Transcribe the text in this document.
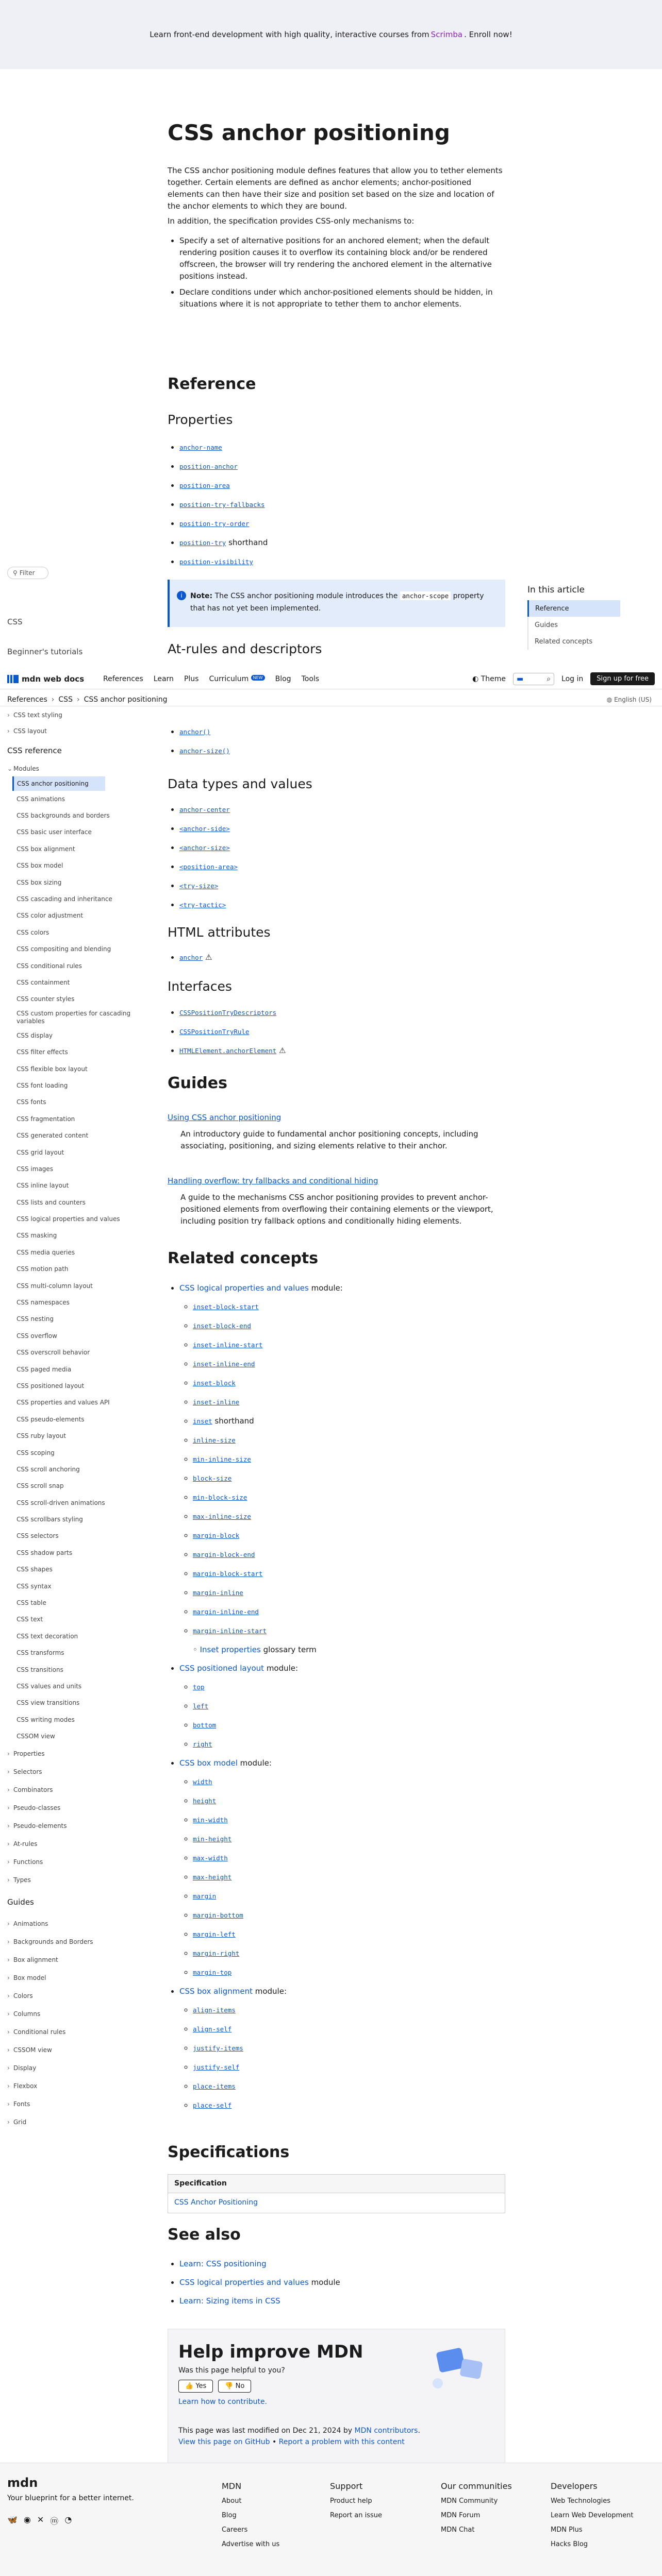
Learn front-end development with high quality, interactive courses from Scrimba . Enroll now!
CSS anchor positioning

The CSS anchor positioning module defines features that allow you to tether elements together. Certain elements are defined as anchor elements; anchor-positioned elements can then have their size and position set based on the size and location of the anchor elements to which they are bound.

In addition, the specification provides CSS-only mechanisms to:

• Specify a set of alternative positions for an anchored element; when the default rendering position causes it to overflow its containing block and/or be rendered offscreen, the browser will try rendering the anchored element in the alternative positions instead.
• Declare conditions under which anchor-positioned elements should be hidden, in situations where it is not appropriate to tether them to anchor elements.
Reference
Properties
• anchor-name
• position-anchor
• position-area
• position-try-fallbacks
• position-try-order
• position-try shorthand
• position-visibility
i	Note: The CSS anchor positioning module introduces the anchor-scope property that has not yet been implemented.
In this article
Reference
Guides
Related concepts
At-rules and descriptors
mdn web docs	References Learn Plus Curriculum NEW Blog Tools	◐ Theme ▬	⌕ Log in	Sign up for free
References › CSS › CSS anchor positioning	◍ English (US)
⚲ Filter
CSS
Beginner's tutorials
› CSS text styling
› CSS layout
CSS reference
⌄ Modules
CSS anchor positioning
CSS animations
CSS backgrounds and borders
CSS basic user interface
CSS box alignment
CSS box model
CSS box sizing
CSS cascading and inheritance
CSS color adjustment
CSS colors
CSS compositing and blending
CSS conditional rules
CSS containment
CSS counter styles
CSS custom properties for cascading variables
CSS display
CSS filter effects
CSS flexible box layout
CSS font loading
CSS fonts
CSS fragmentation
CSS generated content
CSS grid layout
CSS images
CSS inline layout
CSS lists and counters
CSS logical properties and values
CSS masking
CSS media queries
CSS motion path
CSS multi-column layout
CSS namespaces
CSS nesting
CSS overflow
CSS overscroll behavior
CSS paged media
CSS positioned layout
CSS properties and values API
CSS pseudo-elements
CSS ruby layout
CSS scoping
CSS scroll anchoring
CSS scroll snap
CSS scroll-driven animations
CSS scrollbars styling
CSS selectors
CSS shadow parts
CSS shapes
CSS syntax
CSS table
CSS text
CSS text decoration
CSS transforms
CSS transitions
CSS values and units
CSS view transitions
CSS writing modes
CSSOM view
› Properties
› Selectors
› Combinators
› Pseudo-classes
› Pseudo-elements
› At-rules
› Functions
› Types
Guides
› Animations
› Backgrounds and Borders
› Box alignment
› Box model
› Colors
› Columns
› Conditional rules
› CSSOM view
› Display
› Flexbox
› Fonts
› Grid
• anchor()
• anchor-size()
Data types and values
• anchor-center
• <anchor-side>
• <anchor-size>
• <position-area>
• <try-size>
• <try-tactic>
HTML attributes
• anchor ⚠
Interfaces
• CSSPositionTryDescriptors
• CSSPositionTryRule
• HTMLElement.anchorElement ⚠
Guides
Using CSS anchor positioning

An introductory guide to fundamental anchor positioning concepts, including associating, positioning, and sizing elements relative to their anchor.

Handling overflow: try fallbacks and conditional hiding

A guide to the mechanisms CSS anchor positioning provides to prevent anchor-positioned elements from overflowing their containing elements or the viewport, including position try fallback options and conditionally hiding elements.

Related concepts
• CSS logical properties and values module:
◦ inset-block-start
◦ inset-block-end
◦ inset-inline-start
◦ inset-inline-end
◦ inset-block
◦ inset-inline
◦ inset shorthand
◦ inline-size
◦ min-inline-size
◦ block-size
◦ min-block-size
◦ max-inline-size
◦ margin-block
◦ margin-block-end
◦ margin-block-start
◦ margin-inline
◦ margin-inline-end
◦ margin-inline-start
◦ Inset properties glossary term
• CSS positioned layout module:
◦ top
◦ left
◦ bottom
◦ right
• CSS box model module:
◦ width
◦ height
◦ min-width
◦ min-height
◦ max-width
◦ max-height
◦ margin
◦ margin-bottom
◦ margin-left
◦ margin-right
◦ margin-top
• CSS box alignment module:
◦ align-items
◦ align-self
◦ justify-items
◦ justify-self
◦ place-items
◦ place-self
Specifications
Specification
CSS Anchor Positioning
See also
• Learn: CSS positioning
• CSS logical properties and values module
• Learn: Sizing items in CSS
Help improve MDN
Was this page helpful to you?
👍 Yes	👎 No
Learn how to contribute.
This page was last modified on Dec 21, 2024 by MDN contributors.
View this page on GitHub • Report a problem with this content
mdn
Your blueprint for a better internet.
🦋 ◉ ✕ ⓜ ◔
MDN
About
Blog
Careers
Advertise with us
Support
Product help
Report an issue
Our communities
MDN Community
MDN Forum
MDN Chat
Developers
Web Technologies
Learn Web Development
MDN Plus
Hacks Blog
